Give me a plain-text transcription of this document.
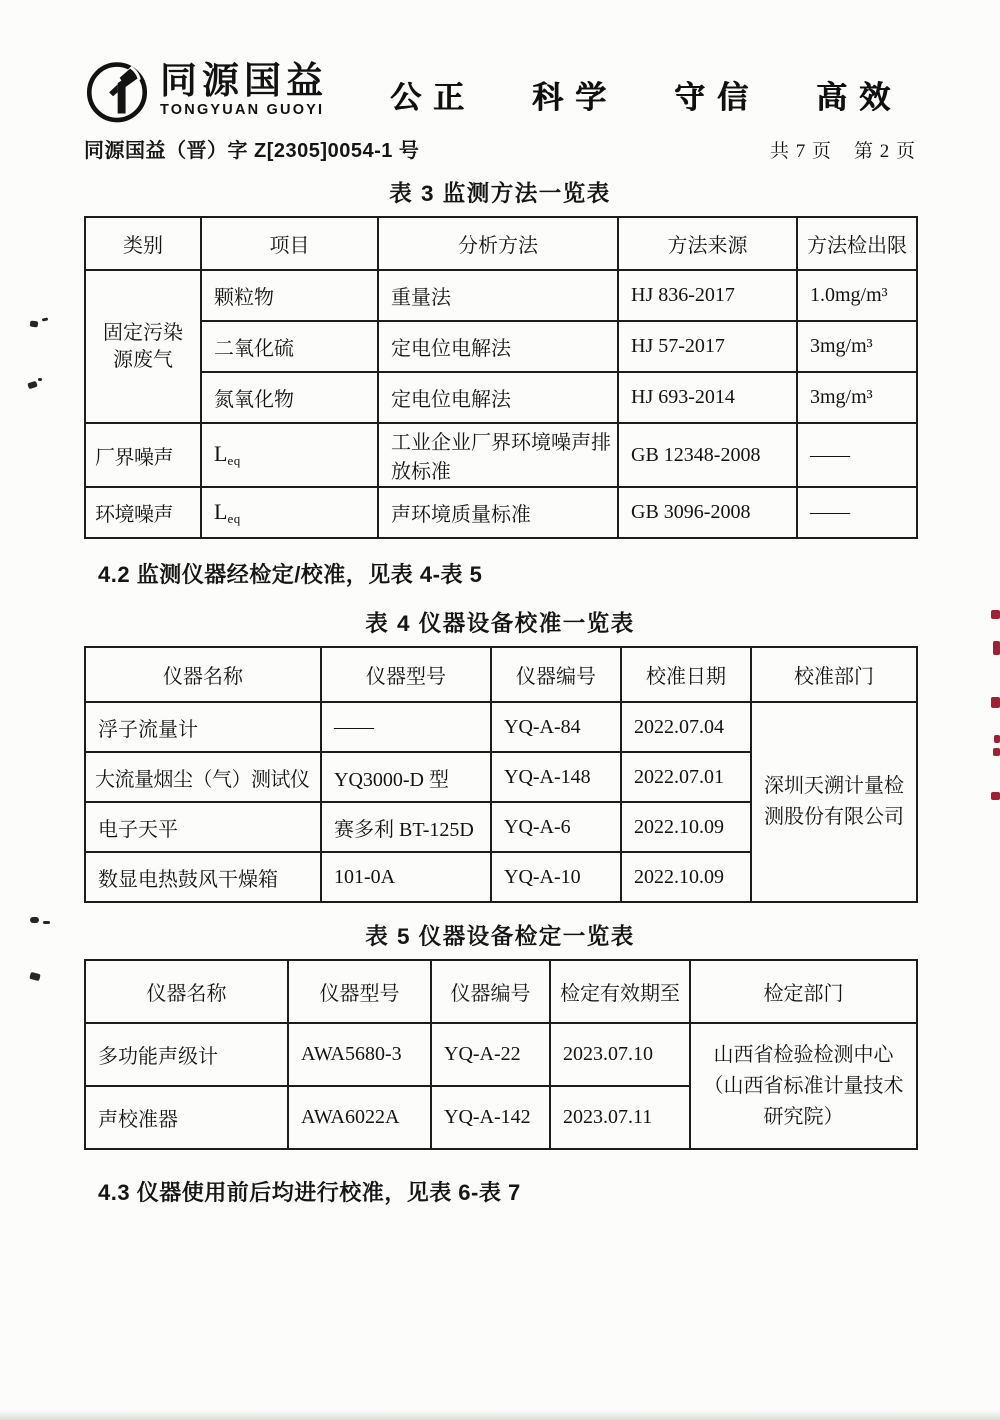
同源国益
TONGYUAN GUOYI 公正 科学 守信 高效
同源国益（晋）字 Z[2305]0054-1 号	共 7 页 第 2 页
表 3 监测方法一览表
类别	项目	分析方法	方法来源	方法检出限

固定污染
源废气	颗粒物	重量法	HJ 836-2017	1.0mg/m³
	二氧化硫	定电位电解法	HJ 57-2017	3mg/m³
	氮氧化物	定电位电解法	HJ 693-2014	3mg/m³
厂界噪声	$L_{eq}$	工业企业厂界环境噪声排放标准	GB 12348-2008	——
环境噪声	$L_{eq}$	声环境质量标准	GB 3096-2008	——

4.2 监测仪器经检定/校准，见表 4-表 5

表 4 仪器设备校准一览表
仪器名称	仪器型号	仪器编号	校准日期	校准部门
浮子流量计	——	YQ-A-84	2022.07.04	深圳天溯计量检
测股份有限公司

大流量烟尘（气）测试仪	YQ3000-D 型	YQ-A-148	2022.07.01	
电子天平	赛多利 BT-125D	YQ-A-6	2022.10.09	
数显电热鼓风干燥箱	101-0A	YQ-A-10	2022.10.09	
表 5 仪器设备检定一览表
仪器名称	仪器型号	仪器编号	检定有效期至	检定部门
多功能声级计	AWA5680-3	YQ-A-22	2023.07.10	山西省检验检测中心
（山西省标准计量技术
研究院）

声校准器	AWA6022A	YQ-A-142	2023.07.11	

4.3 仪器使用前后均进行校准，见表 6-表 7
